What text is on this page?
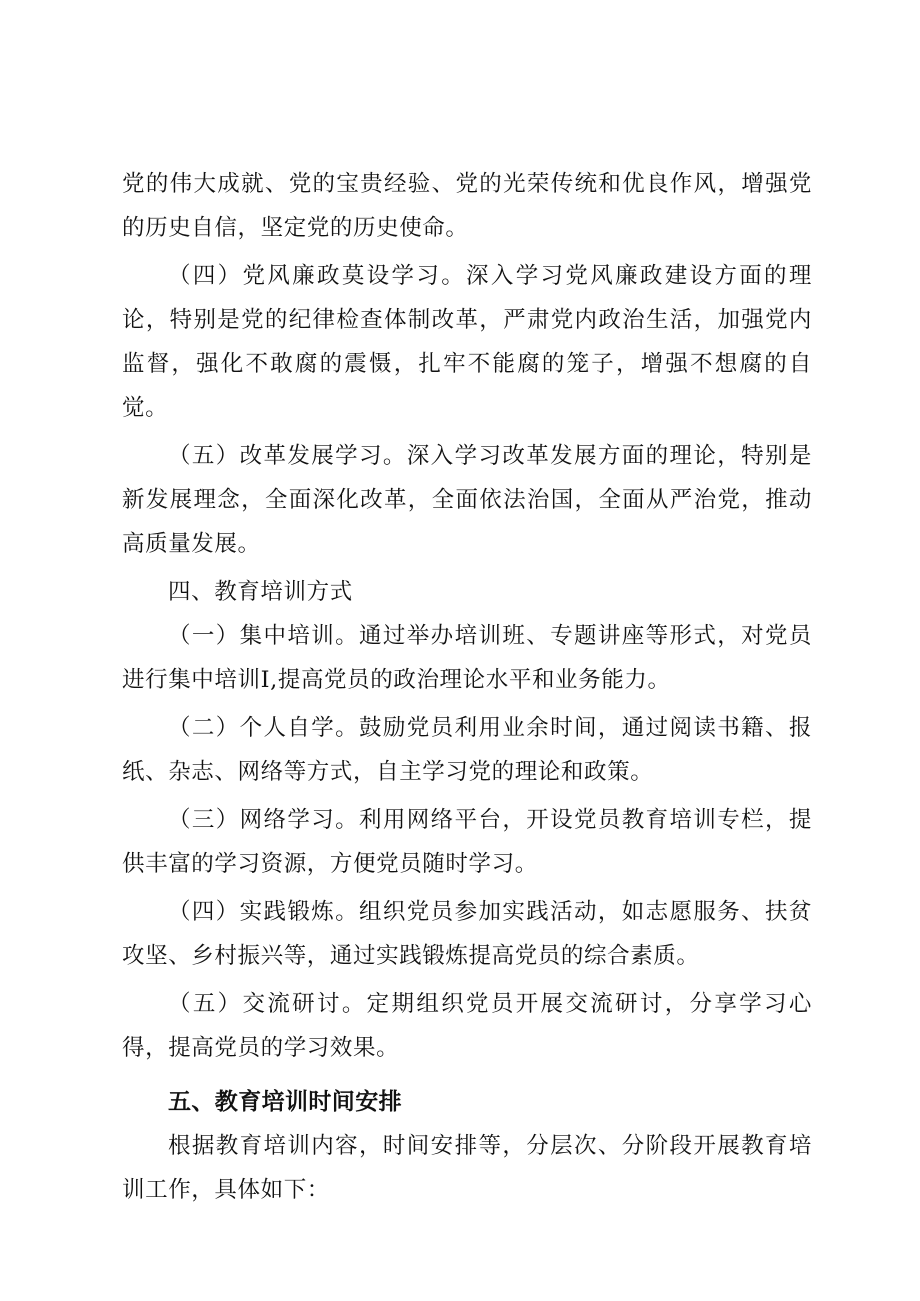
党的伟大成就、党的宝贵经验、党的光荣传统和优良作风，增强党的历史自信，坚定党的历史使命。

（四）党风廉政莫设学习。深入学习党风廉政建设方面的理论，特别是党的纪律检查体制改革，严肃党内政治生活，加强党内监督，强化不敢腐的震慑，扎牢不能腐的笼子，增强不想腐的自觉。

（五）改革发展学习。深入学习改革发展方面的理论，特别是新发展理念，全面深化改革，全面依法治国，全面从严治党，推动高质量发展。

四、教育培训方式

（一）集中培训。通过举办培训班、专题讲座等形式，对党员进行集中培训I,提高党员的政治理论水平和业务能力。

（二）个人自学。鼓励党员利用业余时间，通过阅读书籍、报纸、杂志、网络等方式，自主学习党的理论和政策。

（三）网络学习。利用网络平台，开设党员教育培训专栏，提供丰富的学习资源，方便党员随时学习。

（四）实践锻炼。组织党员参加实践活动，如志愿服务、扶贫攻坚、乡村振兴等，通过实践锻炼提高党员的综合素质。

（五）交流研讨。定期组织党员开展交流研讨，分享学习心得，提高党员的学习效果。

五、教育培训时间安排

根据教育培训内容，时间安排等，分层次、分阶段开展教育培训工作，具体如下：
